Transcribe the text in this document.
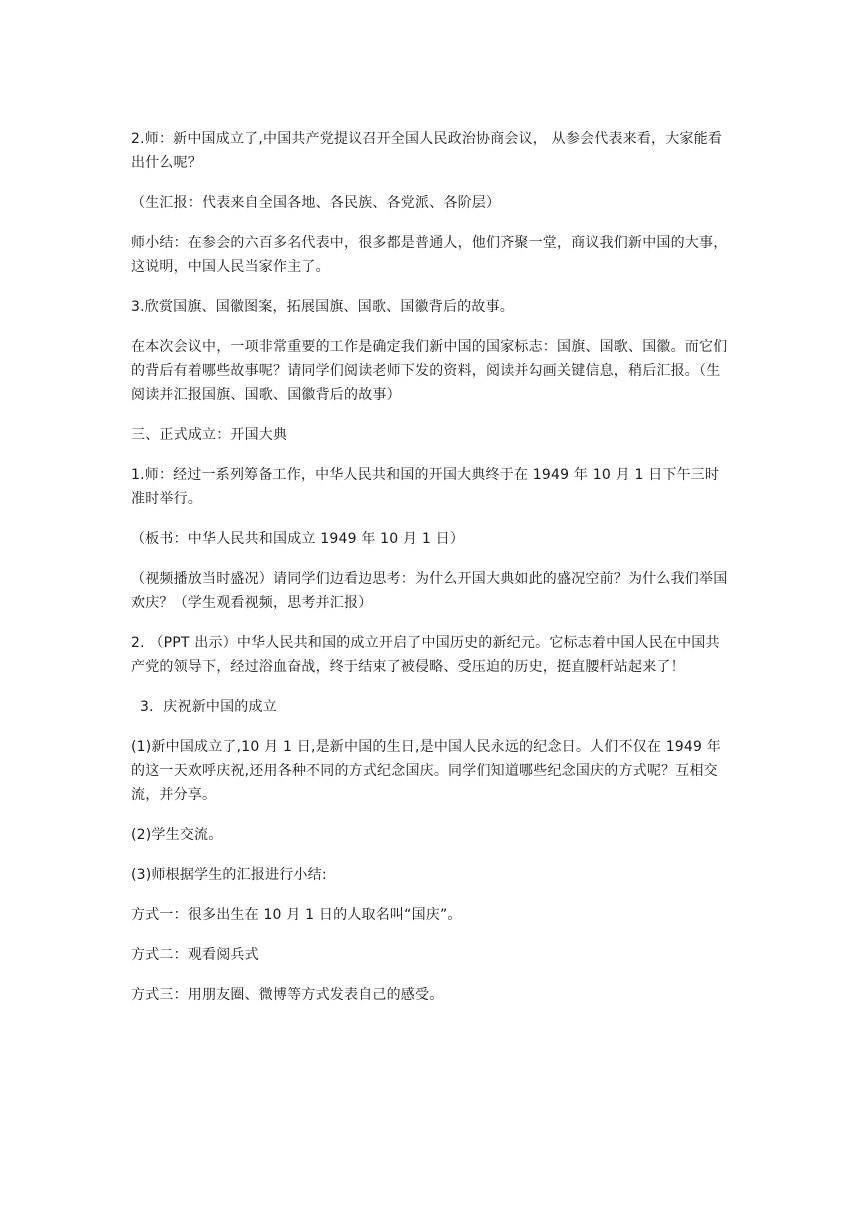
2.师：新中国成立了,中国共产党提议召开全国人民政治协商会议， 从参会代表来看，大家能看出什么呢？

（生汇报：代表来自全国各地、各民族、各党派、各阶层）

师小结：在参会的六百多名代表中，很多都是普通人，他们齐聚一堂，商议我们新中国的大事，这说明，中国人民当家作主了。

3.欣赏国旗、国徽图案，拓展国旗、国歌、国徽背后的故事。

在本次会议中，一项非常重要的工作是确定我们新中国的国家标志：国旗、国歌、国徽。而它们的背后有着哪些故事呢？请同学们阅读老师下发的资料，阅读并勾画关键信息，稍后汇报。（生阅读并汇报国旗、国歌、国徽背后的故事）

三、正式成立：开国大典

1.师：经过一系列筹备工作，中华人民共和国的开国大典终于在 1949 年 10 月 1 日下午三时准时举行。

（板书：中华人民共和国成立 1949 年 10 月 1 日）

（视频播放当时盛况）请同学们边看边思考：为什么开国大典如此的盛况空前？为什么我们举国欢庆？（学生观看视频，思考并汇报）

2. （PPT 出示）中华人民共和国的成立开启了中国历史的新纪元。它标志着中国人民在中国共产党的领导下，经过浴血奋战，终于结束了被侵略、受压迫的历史，挺直腰杆站起来了！

3．庆祝新中国的成立

(1)新中国成立了,10 月 1 日,是新中国的生日,是中国人民永远的纪念日。人们不仅在 1949 年的这一天欢呼庆祝,还用各种不同的方式纪念国庆。同学们知道哪些纪念国庆的方式呢？互相交流，并分享。

(2)学生交流。

(3)师根据学生的汇报进行小结:

方式一：很多出生在 10 月 1 日的人取名叫“国庆”。

方式二：观看阅兵式

方式三：用朋友圈、微博等方式发表自己的感受。
